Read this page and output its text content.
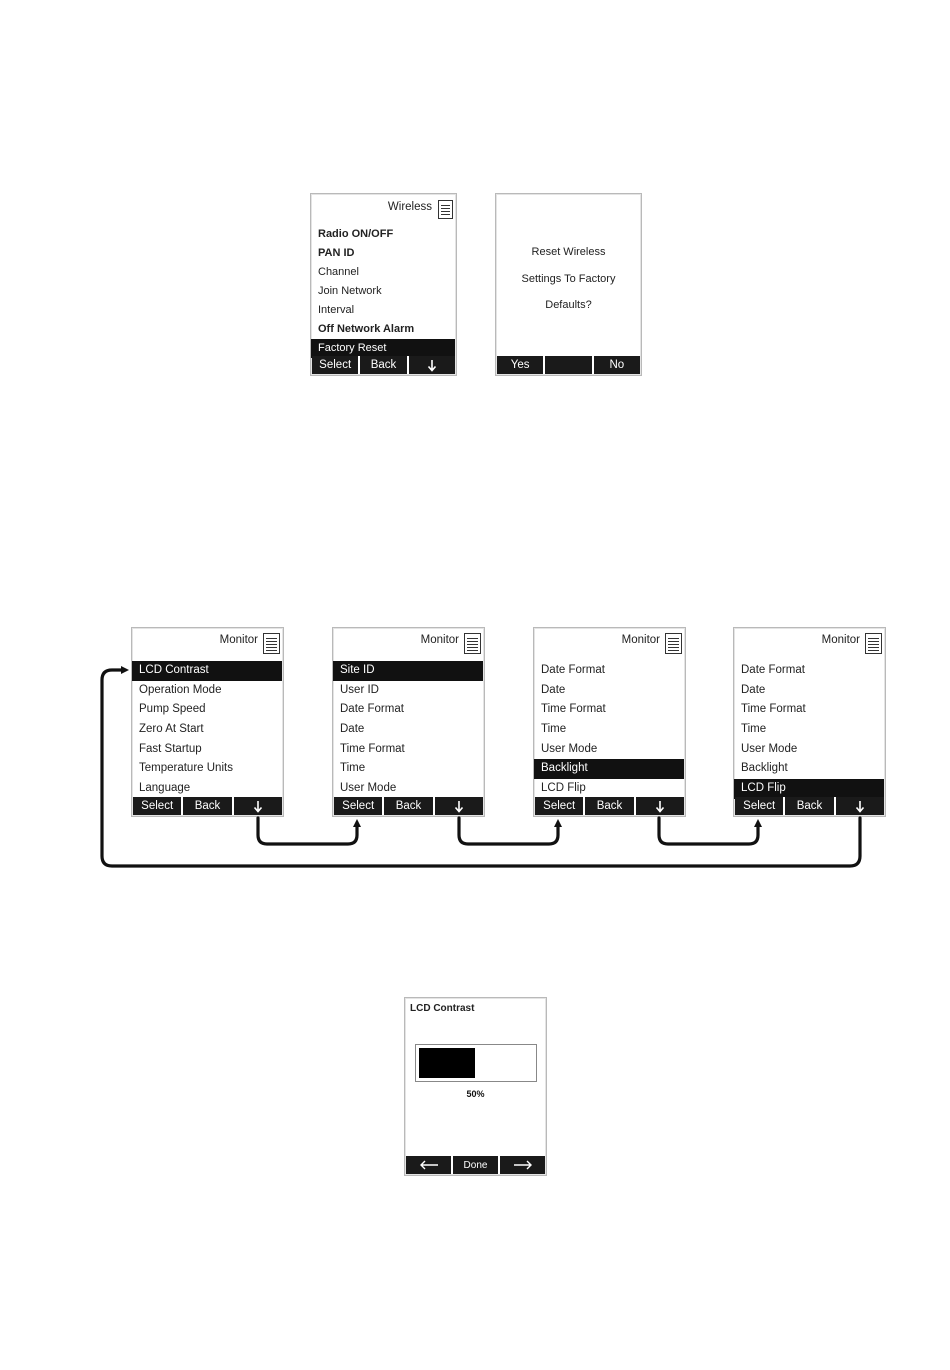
Wireless
Radio ON/OFF
PAN ID
Channel
Join Network
Interval
Off Network Alarm
Factory Reset
Select	Back
Reset Wireless
Settings To Factory
Defaults?
Yes	No
Monitor
LCD Contrast
Operation Mode
Pump Speed
Zero At Start
Fast Startup
Temperature Units
Language
Select	Back
Monitor
Site ID
User ID
Date Format
Date
Time Format
Time
User Mode
Select	Back
Monitor
Date Format
Date
Time Format
Time
User Mode
Backlight
LCD Flip
Select	Back
Monitor
Date Format
Date
Time Format
Time
User Mode
Backlight
LCD Flip
Select	Back
LCD Contrast
50%
Done
